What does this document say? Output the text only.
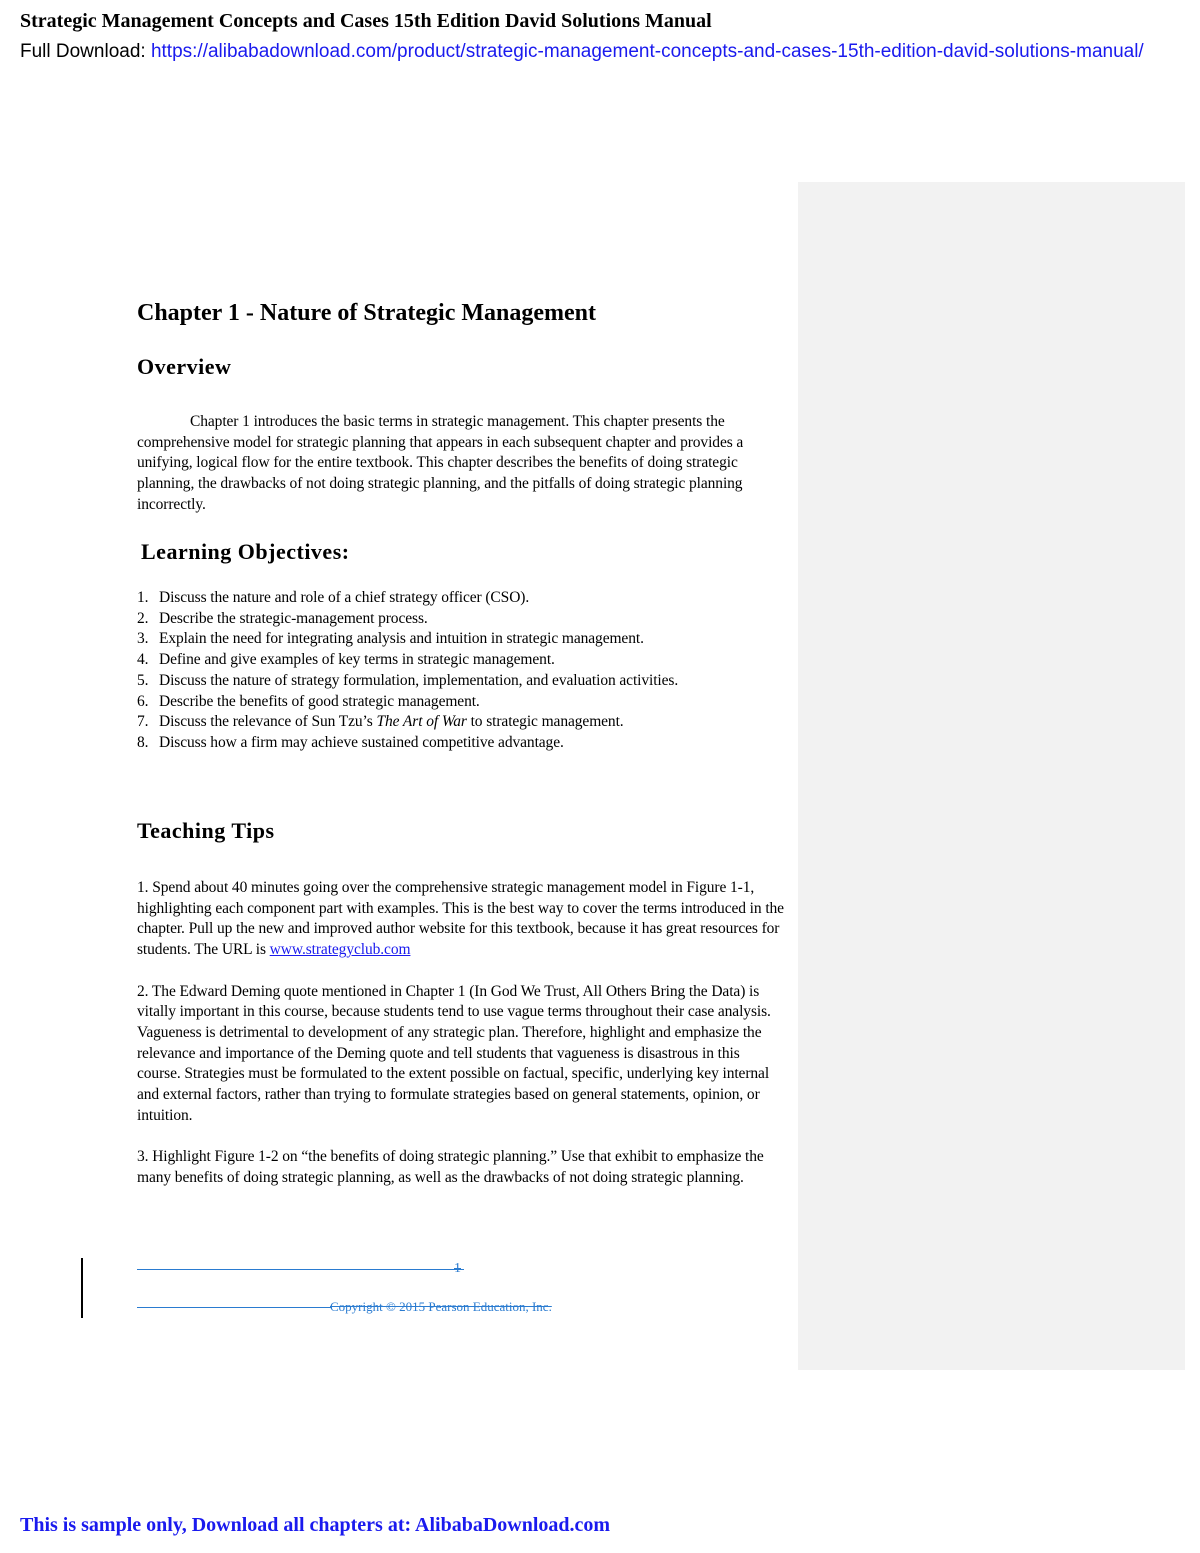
Strategic Management Concepts and Cases 15th Edition David Solutions Manual
Full Download: https://alibabadownload.com/product/strategic-management-concepts-and-cases-15th-edition-david-solutions-manual/
Chapter 1 - Nature of Strategic Management
Overview

Chapter 1 introduces the basic terms in strategic management. This chapter presents the comprehensive model for strategic planning that appears in each subsequent chapter and provides a unifying, logical flow for the entire textbook. This chapter describes the benefits of doing strategic planning, the drawbacks of not doing strategic planning, and the pitfalls of doing strategic planning incorrectly.

Learning Objectives:
1. Discuss the nature and role of a chief strategy officer (CSO).
2. Describe the strategic-management process.
3. Explain the need for integrating analysis and intuition in strategic management.
4. Define and give examples of key terms in strategic management.
5. Discuss the nature of strategy formulation, implementation, and evaluation activities.
6. Describe the benefits of good strategic management.
7. Discuss the relevance of Sun Tzu’s The Art of War to strategic management.
8. Discuss how a firm may achieve sustained competitive advantage.
Teaching Tips

1. Spend about 40 minutes going over the comprehensive strategic management model in Figure 1-1, highlighting each component part with examples. This is the best way to cover the terms introduced in the chapter. Pull up the new and improved author website for this textbook, because it has great resources for students. The URL is www.strategyclub.com

2. The Edward Deming quote mentioned in Chapter 1 (In God We Trust, All Others Bring the Data) is vitally important in this course, because students tend to use vague terms throughout their case analysis. Vagueness is detrimental to development of any strategic plan. Therefore, highlight and emphasize the relevance and importance of the Deming quote and tell students that vagueness is disastrous in this course. Strategies must be formulated to the extent possible on factual, specific, underlying key internal and external factors, rather than trying to formulate strategies based on general statements, opinion, or intuition.

3. Highlight Figure 1-2 on “the benefits of doing strategic planning.” Use that exhibit to emphasize the many benefits of doing strategic planning, as well as the drawbacks of not doing strategic planning.

1
Copyright © 2015 Pearson Education, Inc.
This is sample only, Download all chapters at: AlibabaDownload.com
